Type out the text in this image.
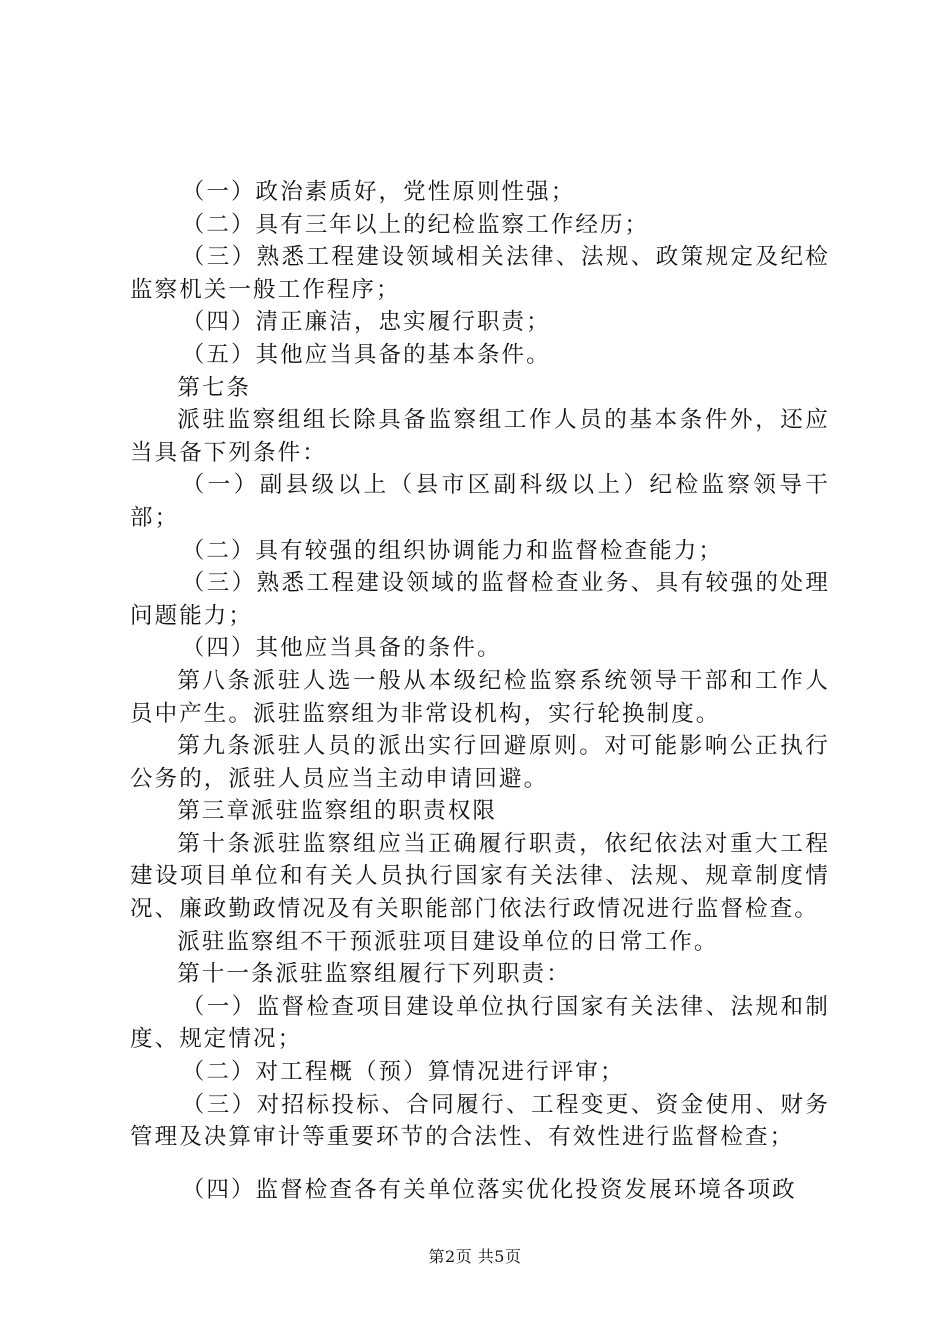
（一）政治素质好，党性原则性强；

（二）具有三年以上的纪检监察工作经历；

（三）熟悉工程建设领域相关法律、法规、政策规定及纪检监察机关一般工作程序；

（四）清正廉洁，忠实履行职责；

（五）其他应当具备的基本条件。

第七条

派驻监察组组长除具备监察组工作人员的基本条件外，还应当具备下列条件：

（一）副县级以上（县市区副科级以上）纪检监察领导干部；

（二）具有较强的组织协调能力和监督检查能力；

（三）熟悉工程建设领域的监督检查业务、具有较强的处理问题能力；

（四）其他应当具备的条件。

第八条派驻人选一般从本级纪检监察系统领导干部和工作人员中产生。派驻监察组为非常设机构，实行轮换制度。

第九条派驻人员的派出实行回避原则。对可能影响公正执行公务的，派驻人员应当主动申请回避。

第三章派驻监察组的职责权限

第十条派驻监察组应当正确履行职责，依纪依法对重大工程建设项目单位和有关人员执行国家有关法律、法规、规章制度情况、廉政勤政情况及有关职能部门依法行政情况进行监督检查。

派驻监察组不干预派驻项目建设单位的日常工作。

第十一条派驻监察组履行下列职责：

（一）监督检查项目建设单位执行国家有关法律、法规和制度、规定情况；

（二）对工程概（预）算情况进行评审；

（三）对招标投标、合同履行、工程变更、资金使用、财务管理及决算审计等重要环节的合法性、有效性进行监督检查；

（四）监督检查各有关单位落实优化投资发展环境各项政

第2页 共5页
